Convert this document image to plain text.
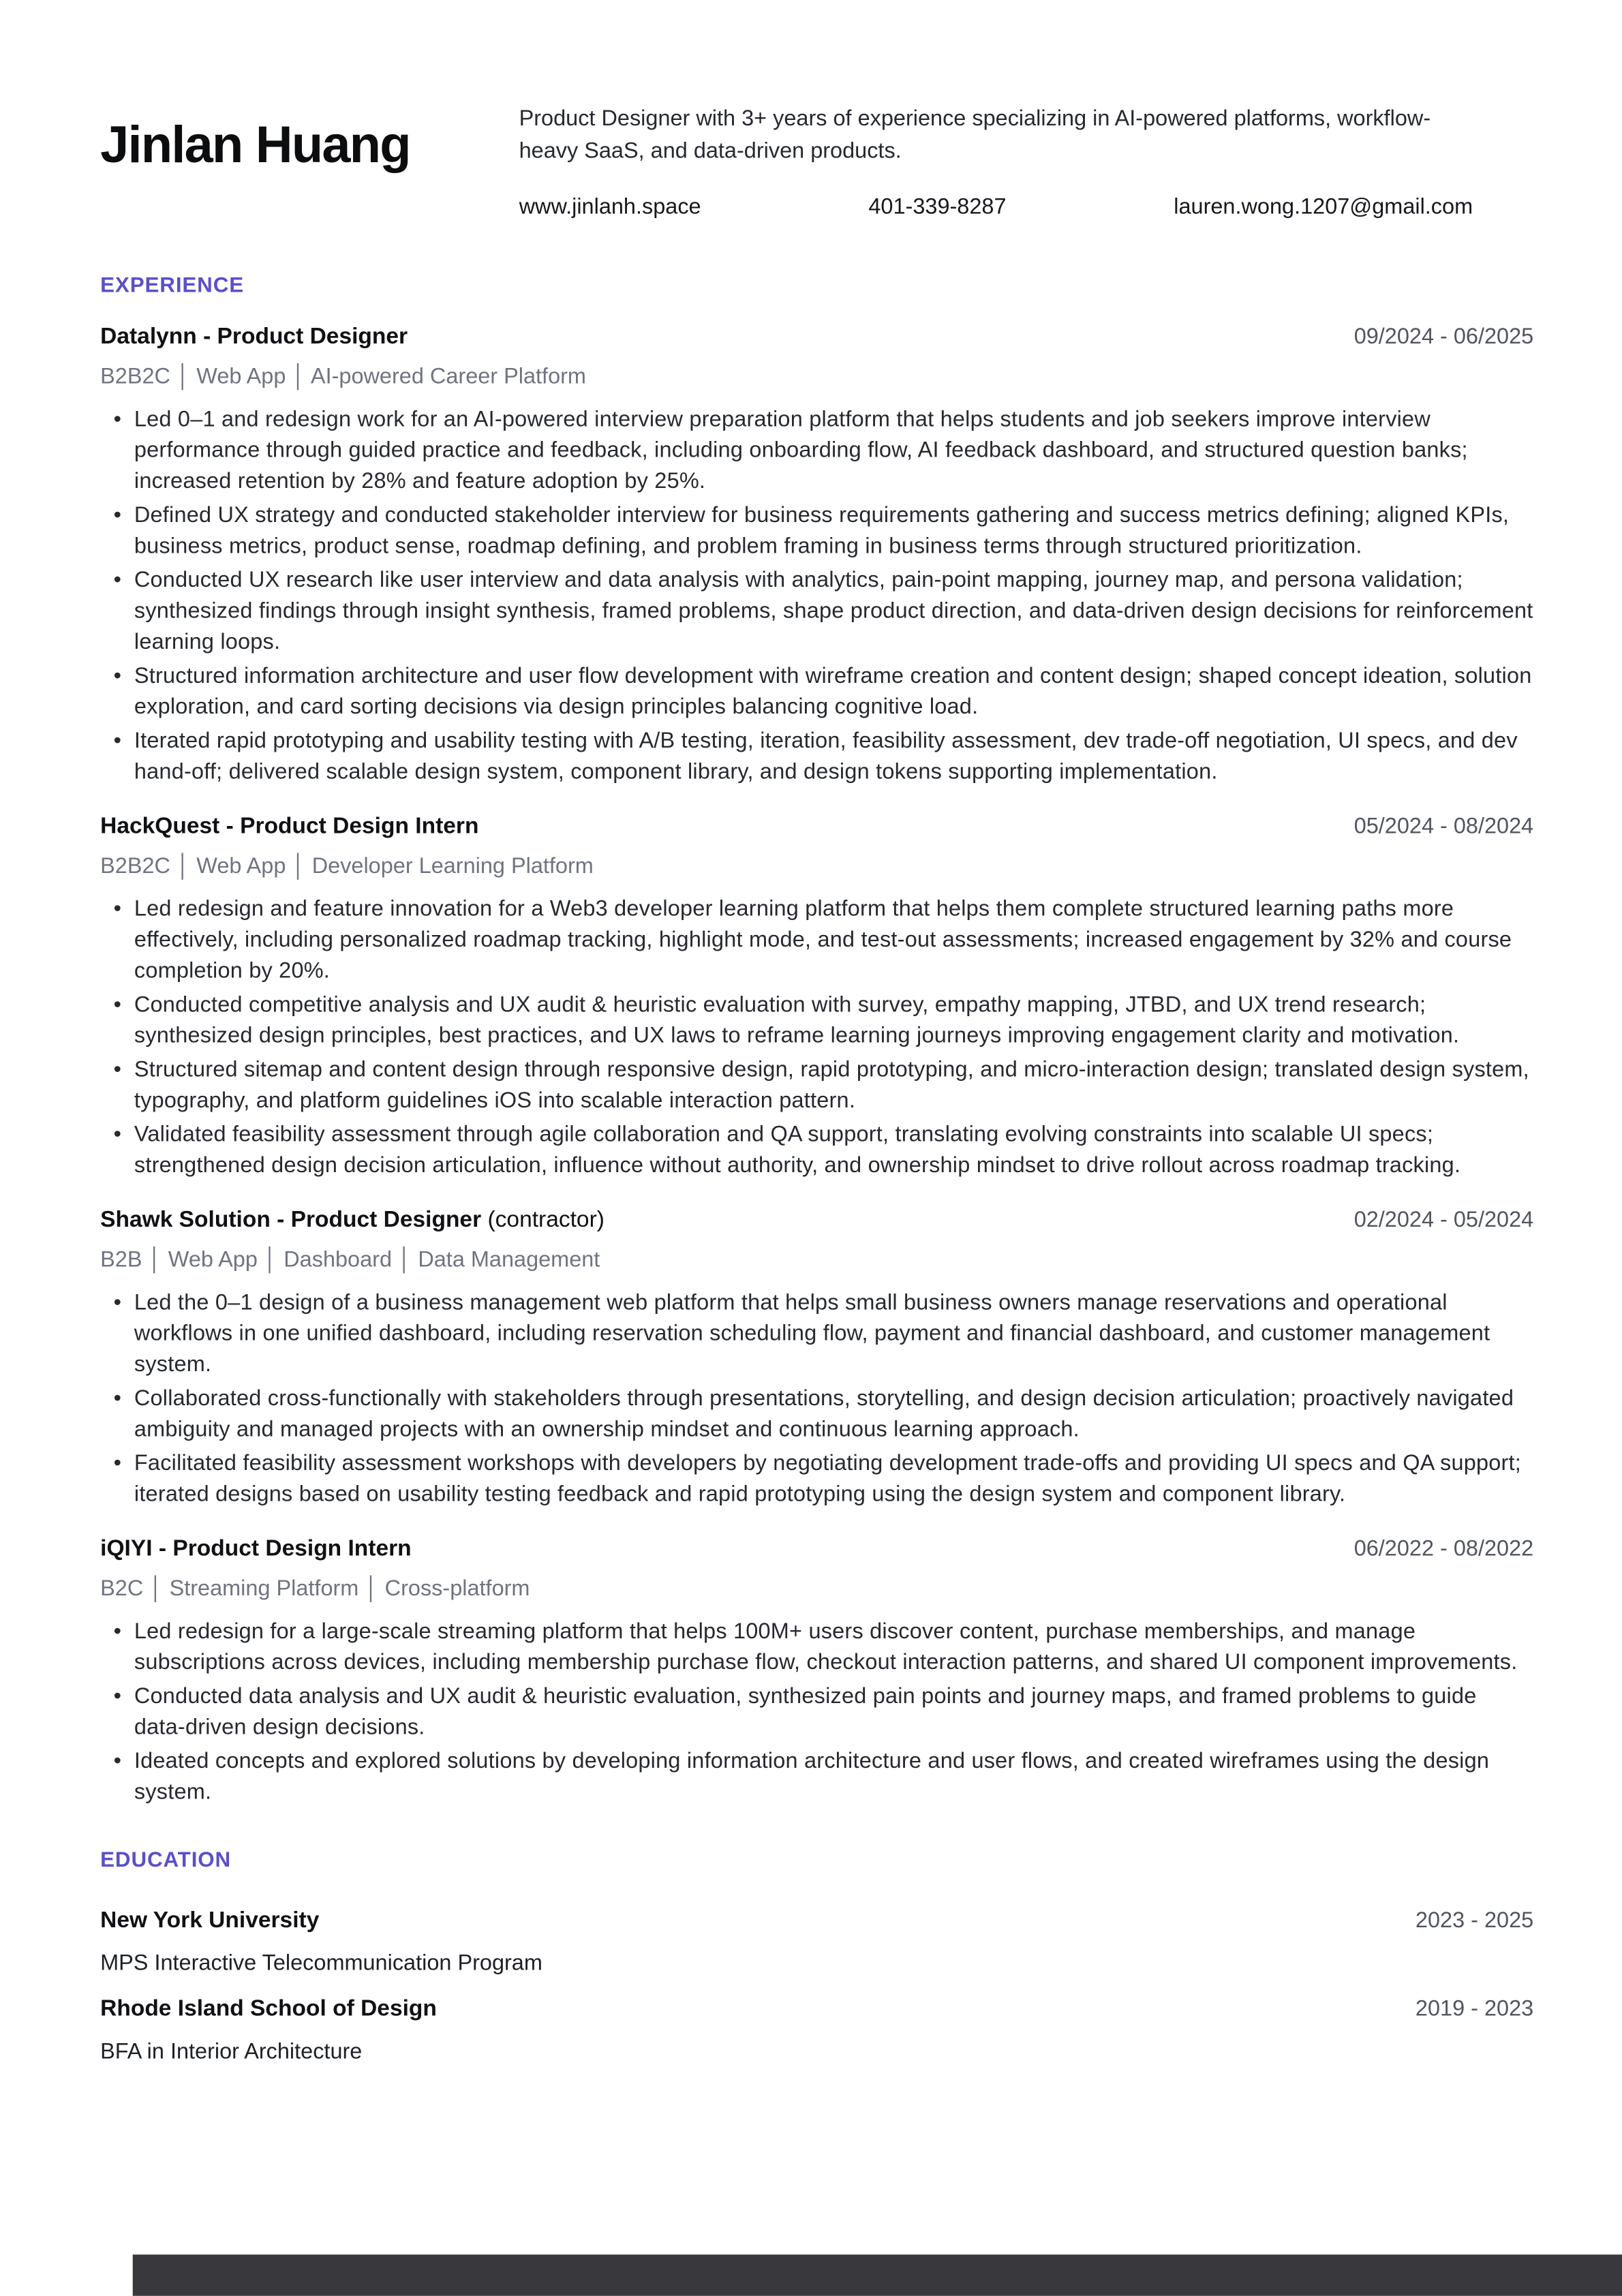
Jinlan Huang	Product Designer with 3+ years of experience specializing in AI-powered platforms, workflow-heavy SaaS, and data-driven products.
www.jinlanh.space	401-339-8287	lauren.wong.1207@gmail.com
EXPERIENCE
Datalynn - Product Designer	09/2024 - 06/2025
B2B2C │ Web App │ AI-powered Career Platform
• Led 0–1 and redesign work for an AI-powered interview preparation platform that helps students and job seekers improve interview performance through guided practice and feedback, including onboarding flow, AI feedback dashboard, and structured question banks; increased retention by 28% and feature adoption by 25%.
• Defined UX strategy and conducted stakeholder interview for business requirements gathering and success metrics defining; aligned KPIs, business metrics, product sense, roadmap defining, and problem framing in business terms through structured prioritization.
• Conducted UX research like user interview and data analysis with analytics, pain-point mapping, journey map, and persona validation; synthesized findings through insight synthesis, framed problems, shape product direction, and data-driven design decisions for reinforcement learning loops.
• Structured information architecture and user flow development with wireframe creation and content design; shaped concept ideation, solution exploration, and card sorting decisions via design principles balancing cognitive load.
• Iterated rapid prototyping and usability testing with A/B testing, iteration, feasibility assessment, dev trade-off negotiation, UI specs, and dev hand-off; delivered scalable design system, component library, and design tokens supporting implementation.
HackQuest - Product Design Intern	05/2024 - 08/2024
B2B2C │ Web App │ Developer Learning Platform
• Led redesign and feature innovation for a Web3 developer learning platform that helps them complete structured learning paths more effectively, including personalized roadmap tracking, highlight mode, and test-out assessments; increased engagement by 32% and course completion by 20%.
• Conducted competitive analysis and UX audit & heuristic evaluation with survey, empathy mapping, JTBD, and UX trend research; synthesized design principles, best practices, and UX laws to reframe learning journeys improving engagement clarity and motivation.
• Structured sitemap and content design through responsive design, rapid prototyping, and micro-interaction design; translated design system, typography, and platform guidelines iOS into scalable interaction pattern.
• Validated feasibility assessment through agile collaboration and QA support, translating evolving constraints into scalable UI specs; strengthened design decision articulation, influence without authority, and ownership mindset to drive rollout across roadmap tracking.
Shawk Solution - Product Designer (contractor)	02/2024 - 05/2024
B2B │ Web App │ Dashboard │ Data Management
• Led the 0–1 design of a business management web platform that helps small business owners manage reservations and operational workflows in one unified dashboard, including reservation scheduling flow, payment and financial dashboard, and customer management system.
• Collaborated cross-functionally with stakeholders through presentations, storytelling, and design decision articulation; proactively navigated ambiguity and managed projects with an ownership mindset and continuous learning approach.
• Facilitated feasibility assessment workshops with developers by negotiating development trade-offs and providing UI specs and QA support; iterated designs based on usability testing feedback and rapid prototyping using the design system and component library.
iQIYI - Product Design Intern	06/2022 - 08/2022
B2C │ Streaming Platform │ Cross-platform
• Led redesign for a large-scale streaming platform that helps 100M+ users discover content, purchase memberships, and manage subscriptions across devices, including membership purchase flow, checkout interaction patterns, and shared UI component improvements.
• Conducted data analysis and UX audit & heuristic evaluation, synthesized pain points and journey maps, and framed problems to guide data-driven design decisions.
• Ideated concepts and explored solutions by developing information architecture and user flows, and created wireframes using the design system.
EDUCATION
New York University	2023 - 2025
MPS Interactive Telecommunication Program
Rhode Island School of Design	2019 - 2023
BFA in Interior Architecture
